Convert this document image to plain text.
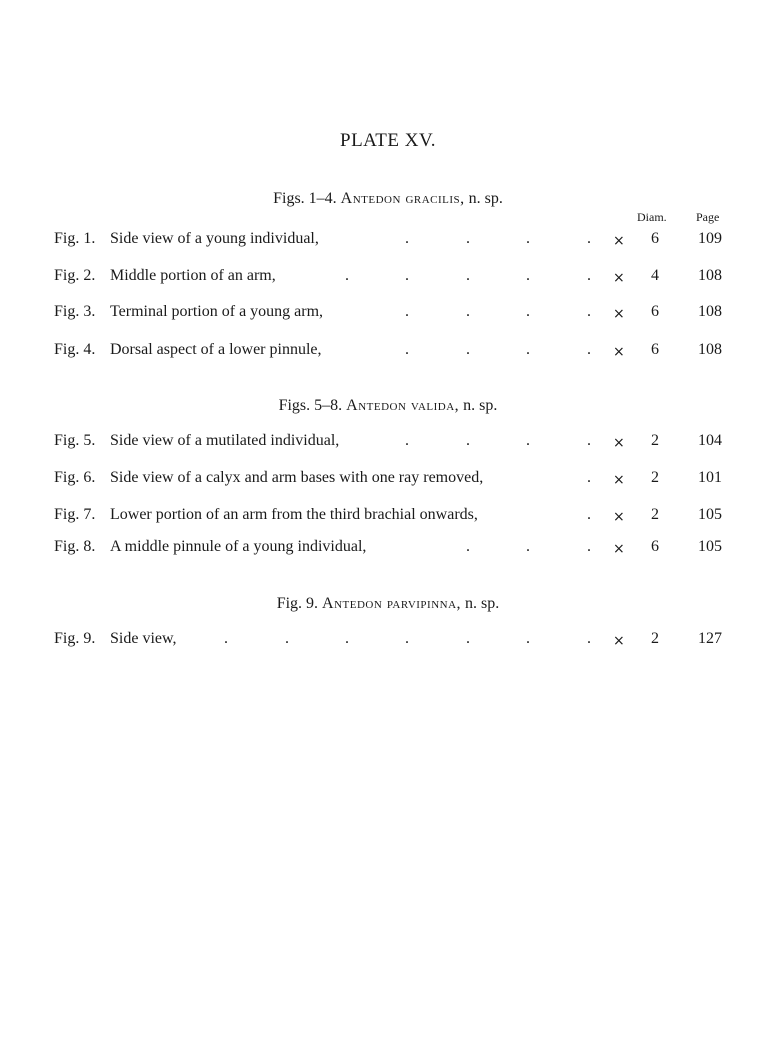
PLATE XV.
Diam. Page
Figs. 1–4. Antedon gracilis, n. sp.
Fig. 1. Side view of a young individual,	.	.	.	. ×	6	109
Fig. 2. Middle portion of an arm,	.	.	.	.	. ×	4	108
Fig. 3. Terminal portion of a young arm,	.	.	.	. ×	6	108
Fig. 4. Dorsal aspect of a lower pinnule,	.	.	.	. ×	6	108
Figs. 5–8. Antedon valida, n. sp.
Fig. 5. Side view of a mutilated individual,	.	.	.	. ×	2	104
Fig. 6. Side view of a calyx and arm bases with one ray removed,	. ×	2	101
Fig. 7. Lower portion of an arm from the third brachial onwards,	. ×	2	105
Fig. 8. A middle pinnule of a young individual,	.	.	. ×	6	105
Fig. 9. Antedon parvipinna, n. sp.
Fig. 9. Side view,	.	.	.	.	.	.	. ×	2	127
